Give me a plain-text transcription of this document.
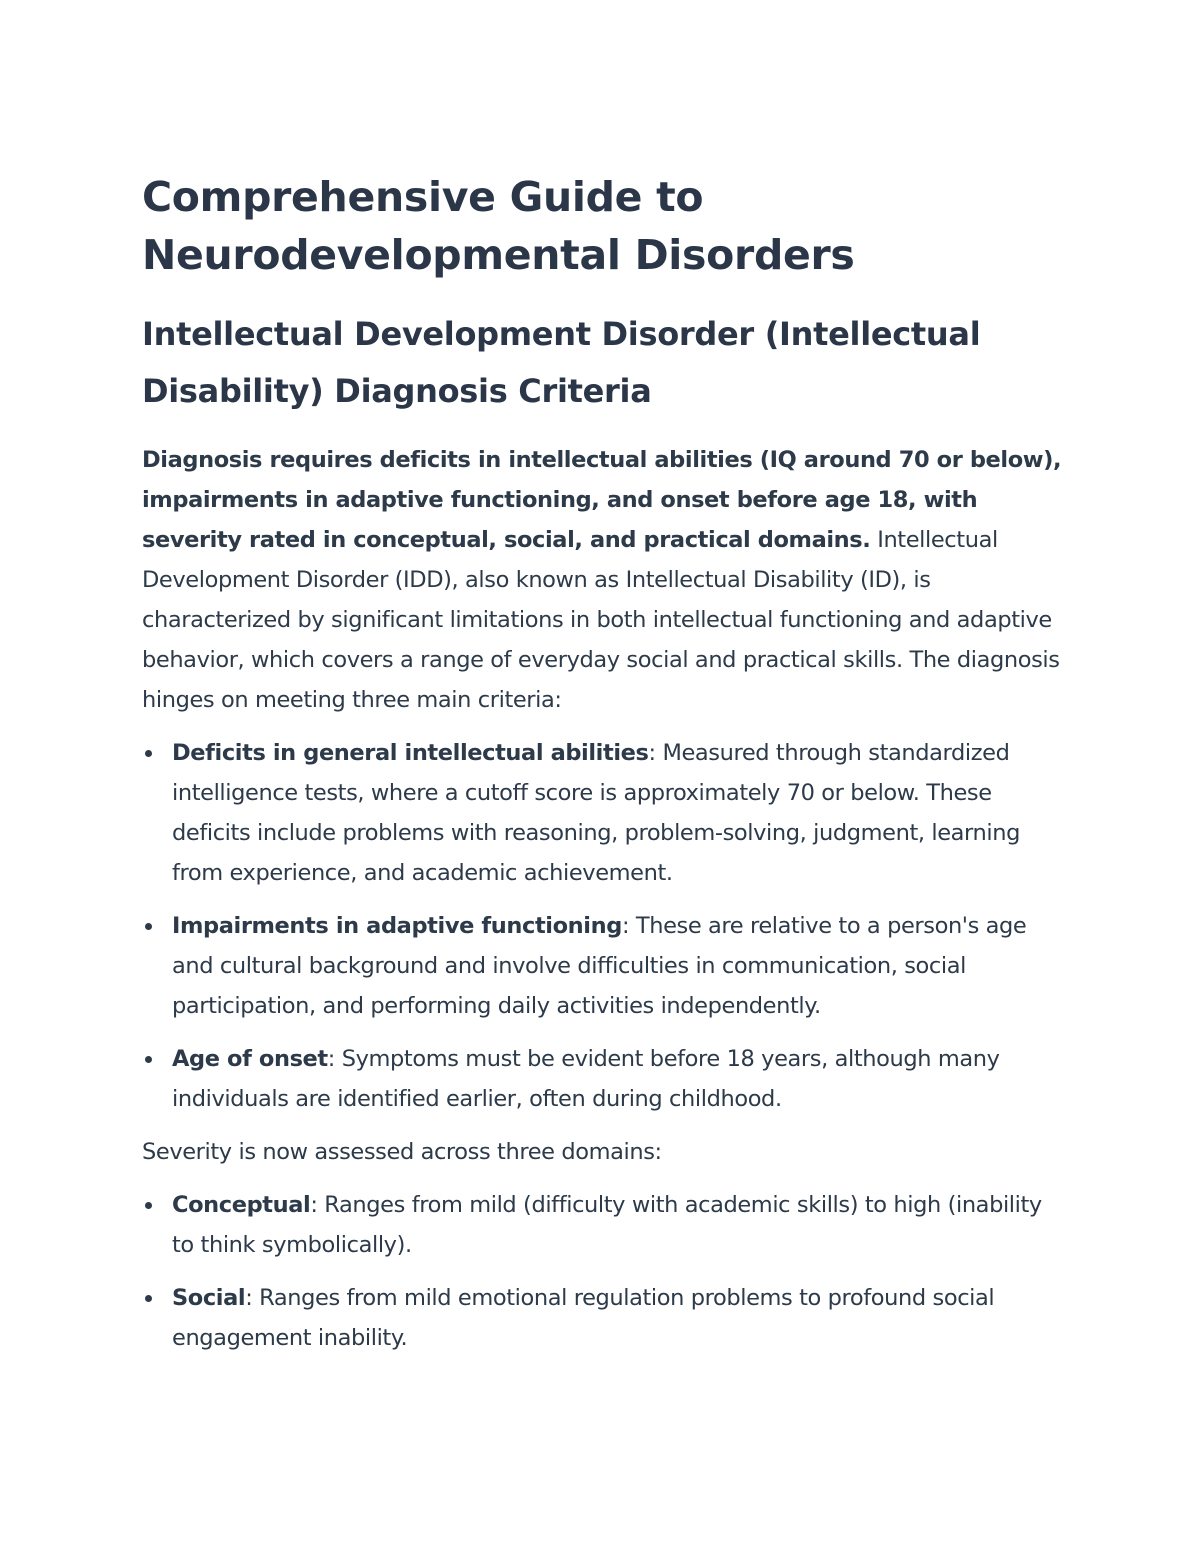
Comprehensive Guide to
Neurodevelopmental Disorders
Intellectual Development Disorder (Intellectual Disability) Diagnosis Criteria

Diagnosis requires deficits in intellectual abilities (IQ around 70 or below), impairments in adaptive functioning, and onset before age 18, with severity rated in conceptual, social, and practical domains. Intellectual Development Disorder (IDD), also known as Intellectual Disability (ID), is characterized by significant limitations in both intellectual functioning and adaptive behavior, which covers a range of everyday social and practical skills. The diagnosis hinges on meeting three main criteria:

Deficits in general intellectual abilities: Measured through standardized intelligence tests, where a cutoff score is approximately 70 or below. These deficits include problems with reasoning, problem-solving, judgment, learning from experience, and academic achievement.
Impairments in adaptive functioning: These are relative to a person's age and cultural background and involve difficulties in communication, social participation, and performing daily activities independently.
Age of onset: Symptoms must be evident before 18 years, although many individuals are identified earlier, often during childhood.

Severity is now assessed across three domains:

Conceptual: Ranges from mild (difficulty with academic skills) to high (inability to think symbolically).
Social: Ranges from mild emotional regulation problems to profound social engagement inability.
